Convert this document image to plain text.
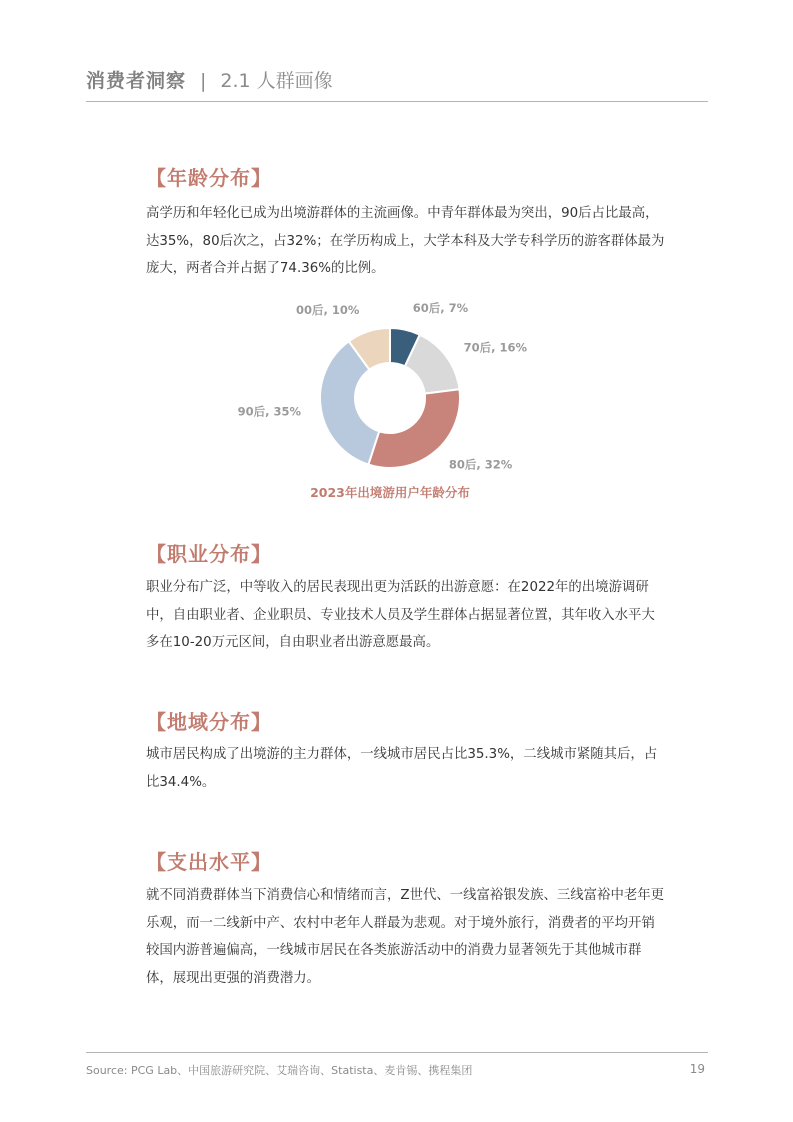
消费者洞察 | 2.1 人群画像
【年龄分布】

高学历和年轻化已成为出境游群体的主流画像。中青年群体最为突出，90后占比最高，达35%，80后次之，占32%；在学历构成上，大学本科及大学专科学历的游客群体最为庞大，两者合并占据了74.36%的比例。

60后, 7%
70后, 16%
80后, 32%
90后, 35%
00后, 10%
2023年出境游用户年龄分布
【职业分布】

职业分布广泛，中等收入的居民表现出更为活跃的出游意愿：在2022年的出境游调研中，自由职业者、企业职员、专业技术人员及学生群体占据显著位置，其年收入水平大多在10-20万元区间，自由职业者出游意愿最高。

【地域分布】

城市居民构成了出境游的主力群体，一线城市居民占比35.3%，二线城市紧随其后，占比34.4%。

【支出水平】

就不同消费群体当下消费信心和情绪而言，Z世代、一线富裕银发族、三线富裕中老年更乐观，而一二线新中产、农村中老年人群最为悲观。对于境外旅行，消费者的平均开销较国内游普遍偏高，一线城市居民在各类旅游活动中的消费力显著领先于其他城市群体，展现出更强的消费潜力。

Source: PCG Lab、中国旅游研究院、艾瑞咨询、Statista、麦肯锡、携程集团	19
